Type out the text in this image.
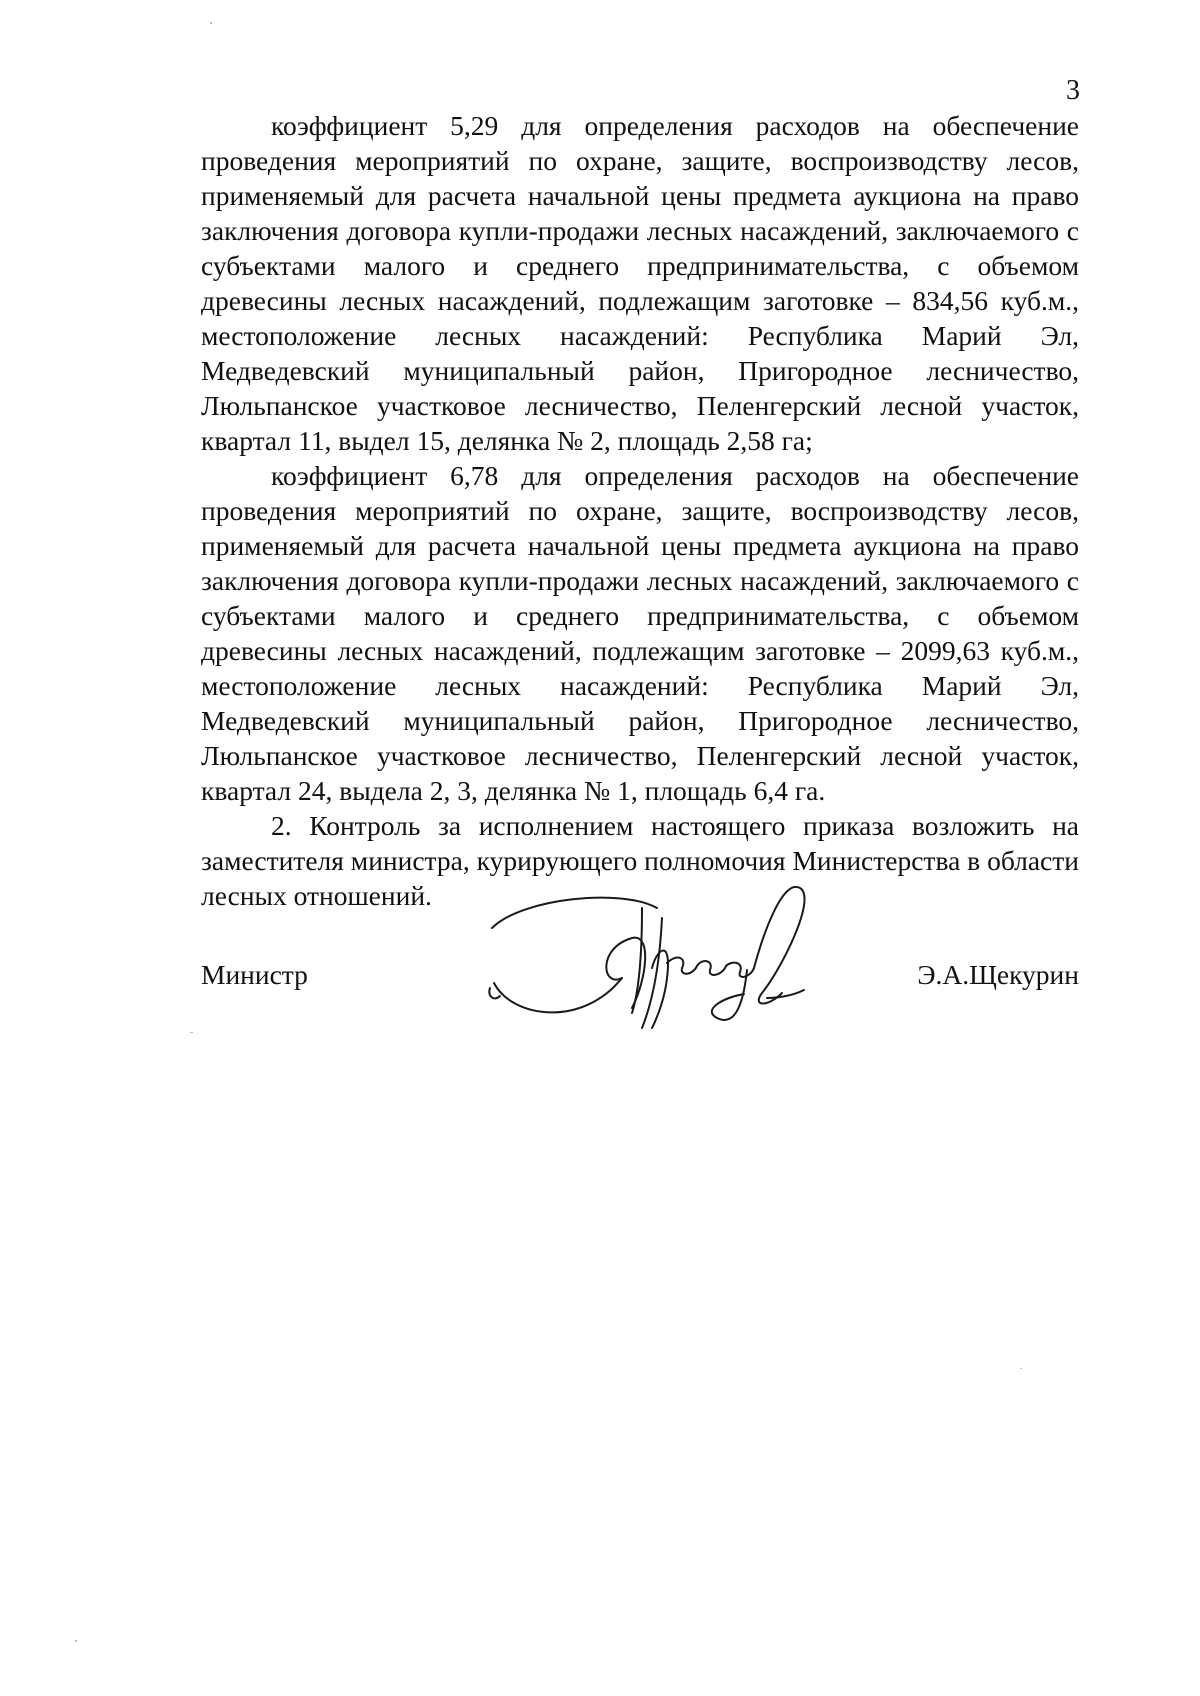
3

коэффициент 5,29 для определения расходов на обеспечение проведения мероприятий по охране, защите, воспроизводству лесов, применяемый для расчета начальной цены предмета аукциона на право заключения договора купли-продажи лесных насаждений, заключаемого с субъектами малого и среднего предпринимательства, с объемом древесины лесных насаждений, подлежащим заготовке – 834,56 куб.м., местоположение лесных насаждений: Республика Марий Эл, Медведевский муниципальный район, Пригородное лесничество, Люльпанское участковое лесничество, Пеленгерский лесной участок, квартал 11, выдел 15, делянка № 2, площадь 2,58 га;

коэффициент 6,78 для определения расходов на обеспечение проведения мероприятий по охране, защите, воспроизводству лесов, применяемый для расчета начальной цены предмета аукциона на право заключения договора купли-продажи лесных насаждений, заключаемого с субъектами малого и среднего предпринимательства, с объемом древесины лесных насаждений, подлежащим заготовке – 2099,63 куб.м., местоположение лесных насаждений: Республика Марий Эл, Медведевский муниципальный район, Пригородное лесничество, Люльпанское участковое лесничество, Пеленгерский лесной участок, квартал 24, выдела 2, 3, делянка № 1, площадь 6,4 га.

2. Контроль за исполнением настоящего приказа возложить на заместителя министра, курирующего полномочия Министерства в области лесных отношений.

Министр	Э.А.Щекурин
